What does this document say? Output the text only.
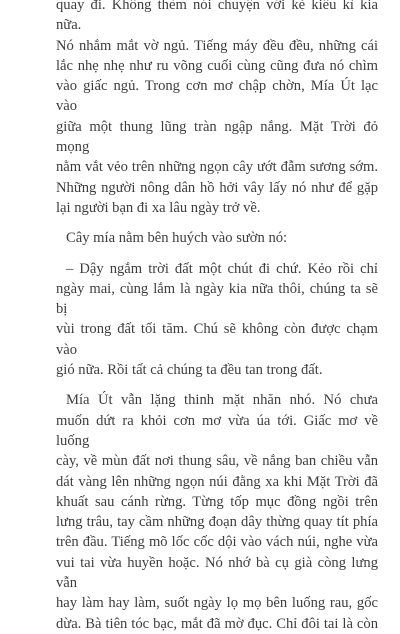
quay đi. Không thèm nói chuyện với kẻ kiêu kì kia nữa.
Nó nhắm mắt vờ ngủ. Tiếng máy đều đều, những cái
lắc nhẹ nhẹ như ru võng cuối cùng cũng đưa nó chìm
vào giấc ngủ. Trong cơn mơ chập chờn, Mía Út lạc vào
giữa một thung lũng tràn ngập nắng. Mặt Trời đỏ mọng
nằm vắt vẻo trên những ngọn cây ướt đẫm sương sớm.
Những người nông dân hồ hởi vây lấy nó như để gặp
lại người bạn đi xa lâu ngày trở về.

Cây mía nằm bên huých vào sườn nó:

– Dậy ngắm trời đất một chút đi chứ. Kẻo rồi chỉ
ngày mai, cùng lắm là ngày kia nữa thôi, chúng ta sẽ bị
vùi trong đất tối tăm. Chú sẽ không còn được chạm vào
gió nữa. Rồi tất cả chúng ta đều tan trong đất.

Mía Út vẫn lặng thinh mặt nhăn nhó. Nó chưa
muốn dứt ra khỏi cơn mơ vừa úa tới. Giấc mơ về luống
cày, về mùn đất nơi thung sâu, về nắng ban chiều vẫn
dát vàng lên những ngọn núi đằng xa khi Mặt Trời đã
khuất sau cánh rừng. Từng tốp mục đồng ngồi trên
lưng trâu, tay cầm những đoạn dây thừng quay tít phía
trên đầu. Tiếng mõ lốc cốc dội vào vách núi, nghe vừa
vui tai vừa huyền hoặc. Nó nhớ bà cụ già còng lưng vẫn
hay làm hay làm, suốt ngày lọ mọ bên luống rau, gốc
dừa. Bà tiên tóc bạc, mắt đã mờ đục. Chỉ đôi tai là còn
